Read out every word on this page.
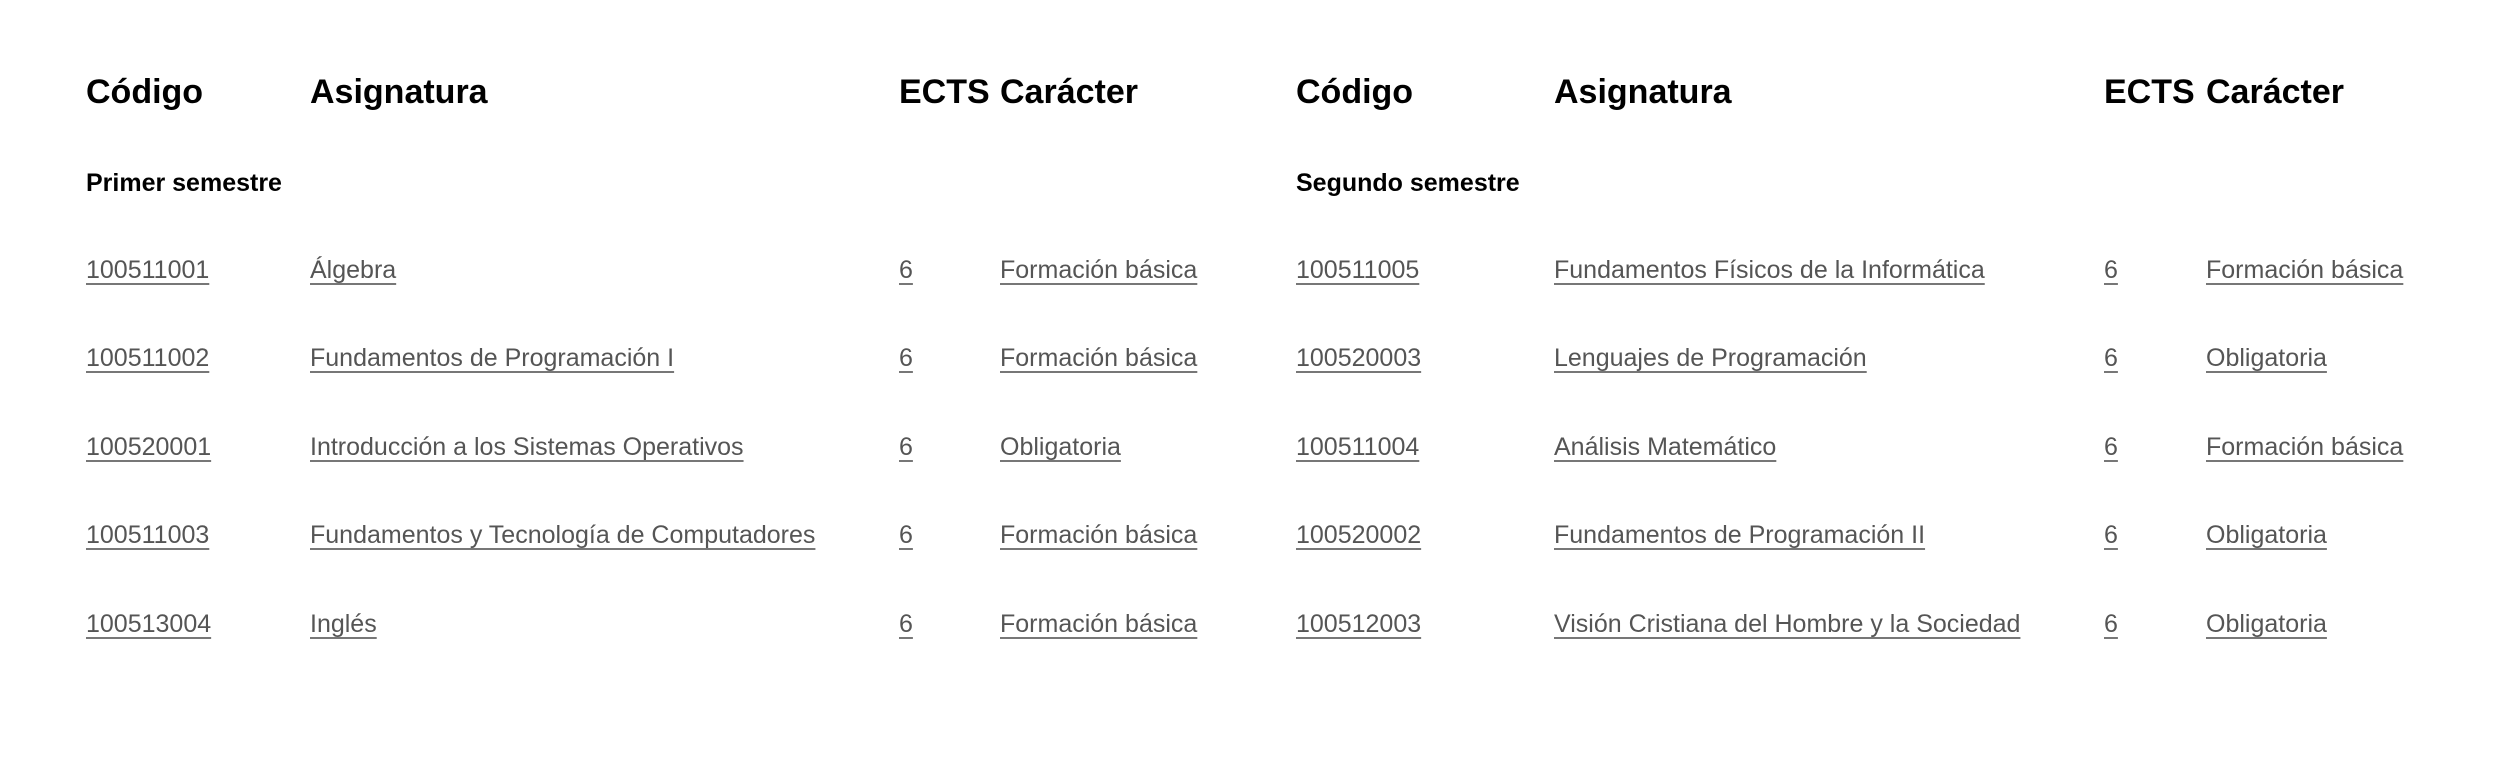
Código	Asignatura	ECTS Carácter
Primer semestre
100511001	Álgebra	6	Formación básica
100511002	Fundamentos de Programación I	6	Formación básica
100520001	Introducción a los Sistemas Operativos	6	Obligatoria
100511003	Fundamentos y Tecnología de Computadores	6	Formación básica
100513004	Inglés	6	Formación básica
Código	Asignatura	ECTS Carácter
Segundo semestre
100511005	Fundamentos Físicos de la Informática	6	Formación básica
100520003	Lenguajes de Programación	6	Obligatoria
100511004	Análisis Matemático	6	Formación básica
100520002	Fundamentos de Programación II	6	Obligatoria
100512003	Visión Cristiana del Hombre y la Sociedad	6	Obligatoria
